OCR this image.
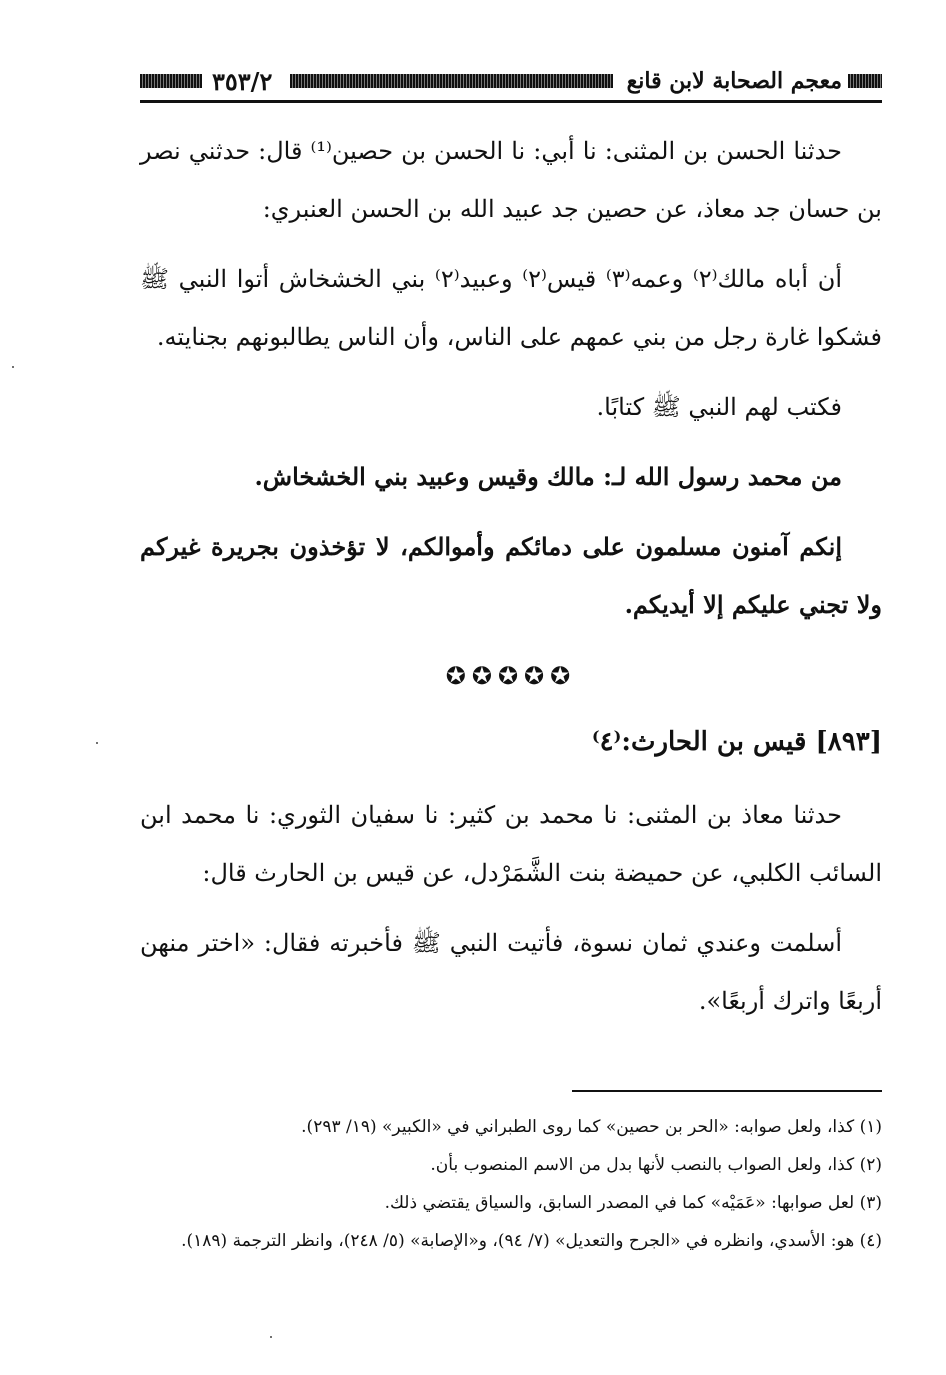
معجم الصحابة لابن قانع
٣٥٣/٢

حدثنا الحسن بن المثنى: نا أبي: نا الحسن بن حصين⁽¹⁾ قال: حدثني نصر بن حسان جد معاذ، عن حصين جد عبيد الله بن الحسن العنبري:

أن أباه مالك⁽٢⁾ وعمه⁽٣⁾ قيس⁽٢⁾ وعبيد⁽٢⁾ بني الخشخاش أتوا النبي ﷺ فشكوا غارة رجل من بني عمهم على الناس، وأن الناس يطالبونهم بجنايته.

فكتب لهم النبي ﷺ كتابًا.

من محمد رسول الله لـ: مالك وقيس وعبيد بني الخشخاش.

إنكم آمنون مسلمون على دمائكم وأموالكم، لا تؤخذون بجريرة غيركم ولا تجني عليكم إلا أيديكم.

✪✪✪✪✪

[٨٩٣] قيس بن الحارث:⁽٤⁾

حدثنا معاذ بن المثنى: نا محمد بن كثير: نا سفيان الثوري: نا محمد ابن السائب الكلبي، عن حميضة بنت الشَّمَرْدل، عن قيس بن الحارث قال:

أسلمت وعندي ثمان نسوة، فأتيت النبي ﷺ فأخبرته فقال: «اختر منهن أربعًا واترك أربعًا».

(١) كذا، ولعل صوابه: «الحر بن حصين» كما روى الطبراني في «الكبير» (١٩/ ٢٩٣).

(٢) كذا، ولعل الصواب بالنصب لأنها بدل من الاسم المنصوب بأن.

(٣) لعل صوابها: «عَمَيْه» كما في المصدر السابق، والسياق يقتضي ذلك.

(٤) هو: الأسدي، وانظره في «الجرح والتعديل» (٧/ ٩٤)، و«الإصابة» (٥/ ٢٤٨)، وانظر الترجمة (١٨٩).
